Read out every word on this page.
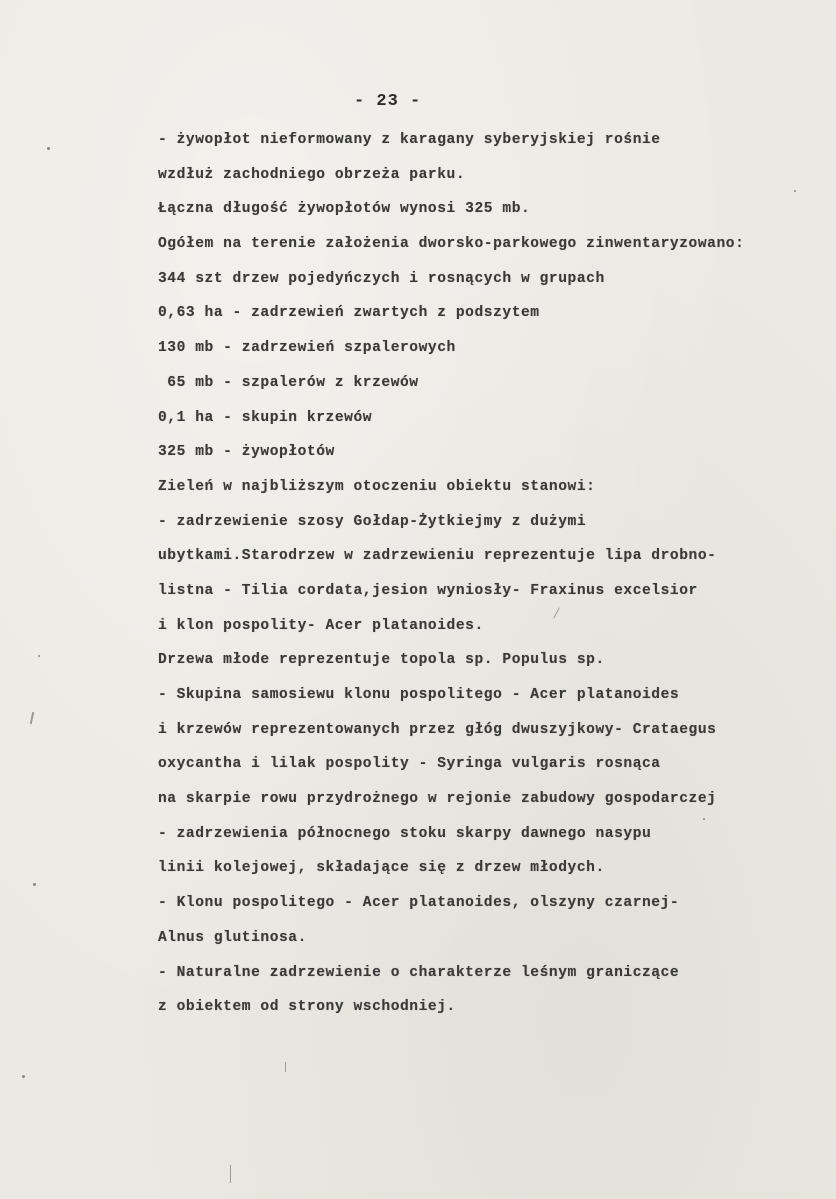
- 23 -
- żywopłot nieformowany z karagany syberyjskiej rośnie
wzdłuż zachodniego obrzeża parku.
Łączna długość żywopłotów wynosi 325 mb.
Ogółem na terenie założenia dworsko-parkowego zinwentaryzowano:
344 szt drzew pojedyńczych i rosnących w grupach
0,63 ha - zadrzewień zwartych z podszytem
130 mb - zadrzewień szpalerowych
65 mb - szpalerów z krzewów
0,1 ha - skupin krzewów
325 mb - żywopłotów
Zieleń w najbliższym otoczeniu obiektu stanowi:
- zadrzewienie szosy Gołdap-Żytkiejmy z dużymi
ubytkami.Starodrzew w zadrzewieniu reprezentuje lipa drobno-
listna - Tilia cordata,jesion wyniosły- Fraxinus excelsior
i klon pospolity- Acer platanoides.
Drzewa młode reprezentuje topola sp. Populus sp.
- Skupina samosiewu klonu pospolitego - Acer platanoides
i krzewów reprezentowanych przez głóg dwuszyjkowy- Crataegus
oxycantha i lilak pospolity - Syringa vulgaris rosnąca
na skarpie rowu przydrożnego w rejonie zabudowy gospodarczej
- zadrzewienia północnego stoku skarpy dawnego nasypu
linii kolejowej, składające się z drzew młodych.
- Klonu pospolitego - Acer platanoides, olszyny czarnej-
Alnus glutinosa.
- Naturalne zadrzewienie o charakterze leśnym graniczące
z obiektem od strony wschodniej.
